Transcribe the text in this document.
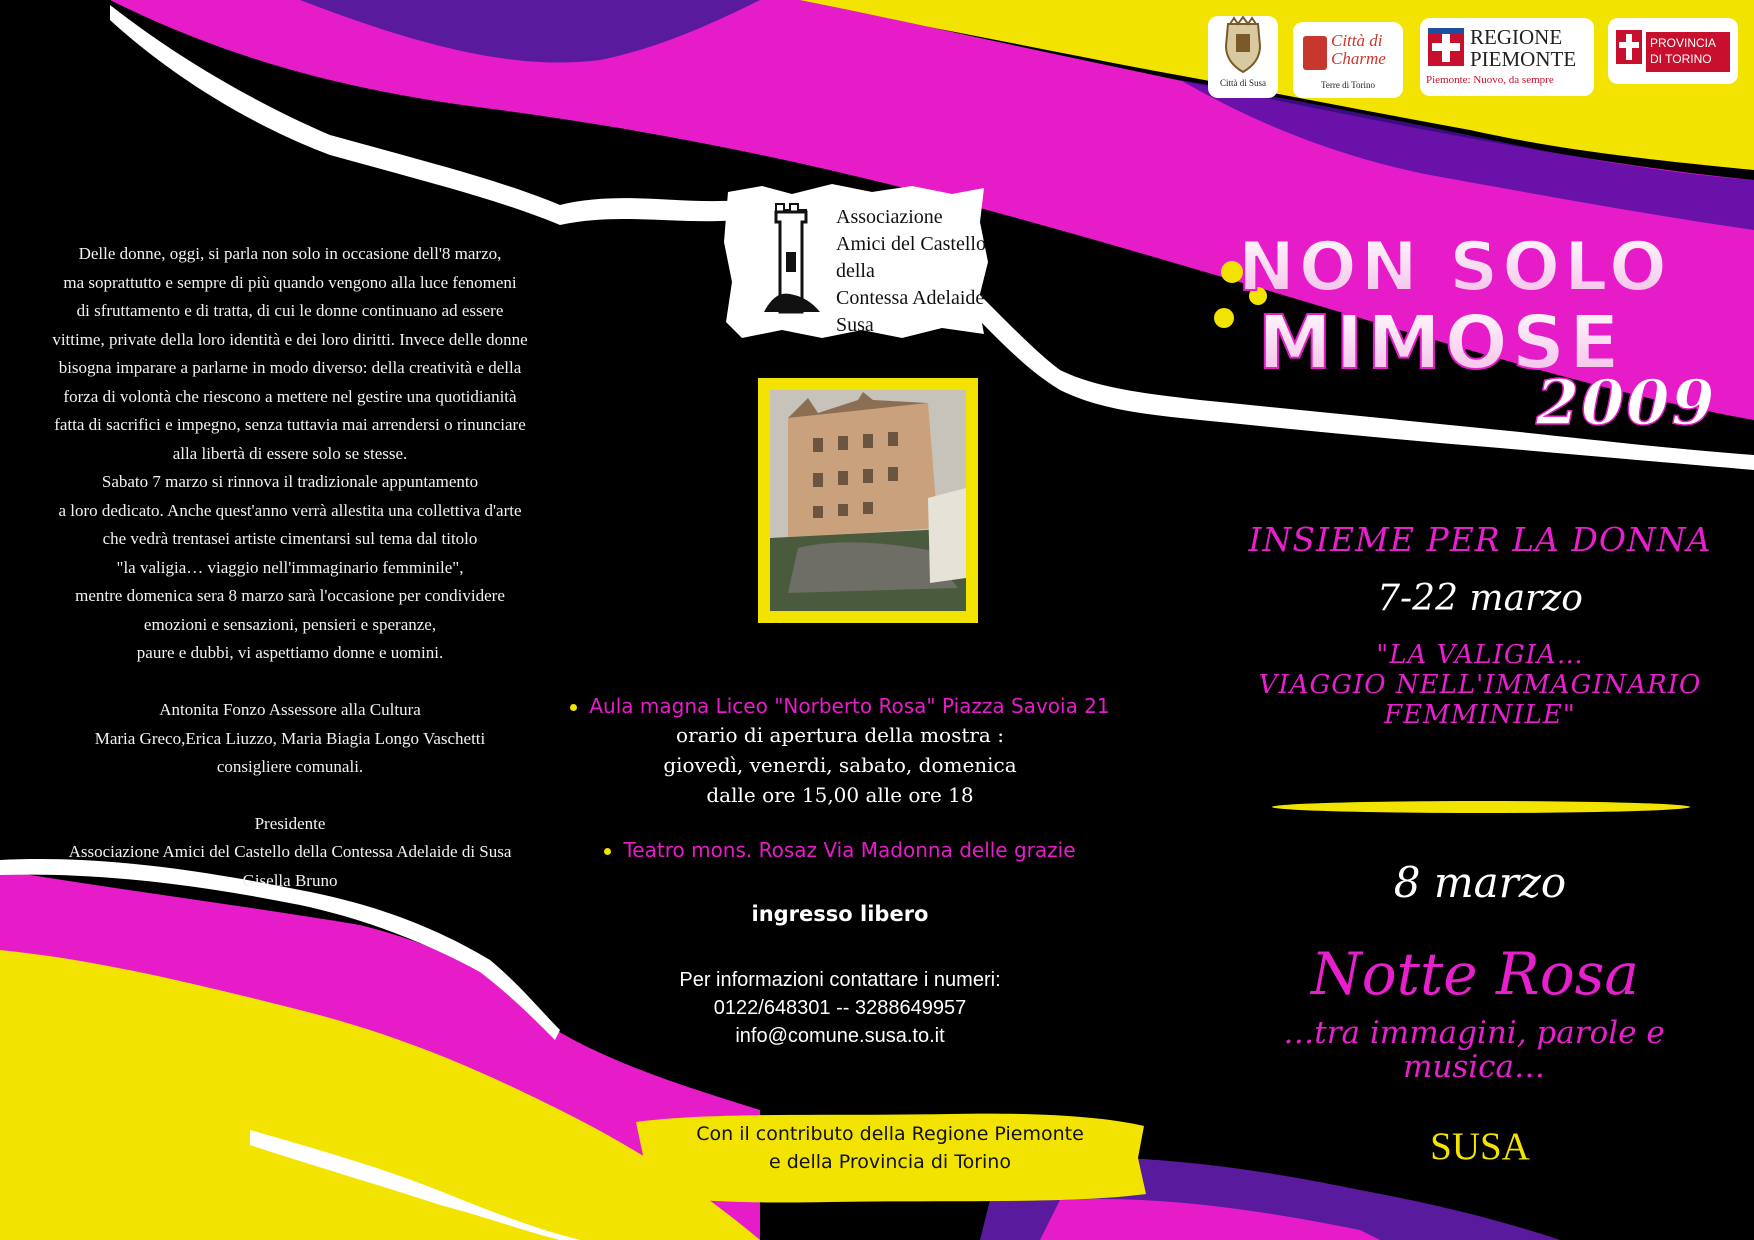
Città di Susa
Città di Charme
Terre di Torino
REGIONE
PIEMONTE
Piemonte: Nuovo, da sempre
PROVINCIA
DI TORINO
NON SOLO
MIMOSE
2009

Delle donne, oggi, si parla non solo in occasione dell'8 marzo,

ma soprattutto e sempre di più quando vengono alla luce fenomeni

di sfruttamento e di tratta, di cui le donne continuano ad essere

vittime, private della loro identità e dei loro diritti. Invece delle donne

bisogna imparare a parlarne in modo diverso: della creatività e della

forza di volontà che riescono a mettere nel gestire una quotidianità

fatta di sacrifici e impegno, senza tuttavia mai arrendersi o rinunciare

alla libertà di essere solo se stesse.

Sabato 7 marzo si rinnova il tradizionale appuntamento

a loro dedicato. Anche quest'anno verrà allestita una collettiva d'arte

che vedrà trentasei artiste cimentarsi sul tema dal titolo

"la valigia… viaggio nell'immaginario femminile",

mentre domenica sera 8 marzo sarà l'occasione per condividere

emozioni e sensazioni, pensieri e speranze,

paure e dubbi, vi aspettiamo donne e uomini.

Antonita Fonzo Assessore alla Cultura

Maria Greco,Erica Liuzzo, Maria Biagia Longo Vaschetti

consigliere comunali.

Presidente

Associazione Amici del Castello della Contessa Adelaide di Susa

Gisella Bruno

Associazione
Amici del Castello
della
Contessa Adelaide
Susa
Aula magna Liceo "Norberto Rosa" Piazza Savoia 21
orario di apertura della mostra :
giovedì, venerdi, sabato, domenica
dalle ore 15,00 alle ore 18
Teatro mons. Rosaz Via Madonna delle grazie
ingresso libero
Per informazioni contattare i numeri:
0122/648301 -- 3288649957
info@comune.susa.to.it
Con il contributo della Regione Piemonte
e della Provincia di Torino
INSIEME PER LA DONNA
7-22 marzo
"LA VALIGIA…
VIAGGIO NELL'IMMAGINARIO
FEMMINILE"
8 marzo
Notte Rosa
…tra immagini, parole e
musica…
SUSA
